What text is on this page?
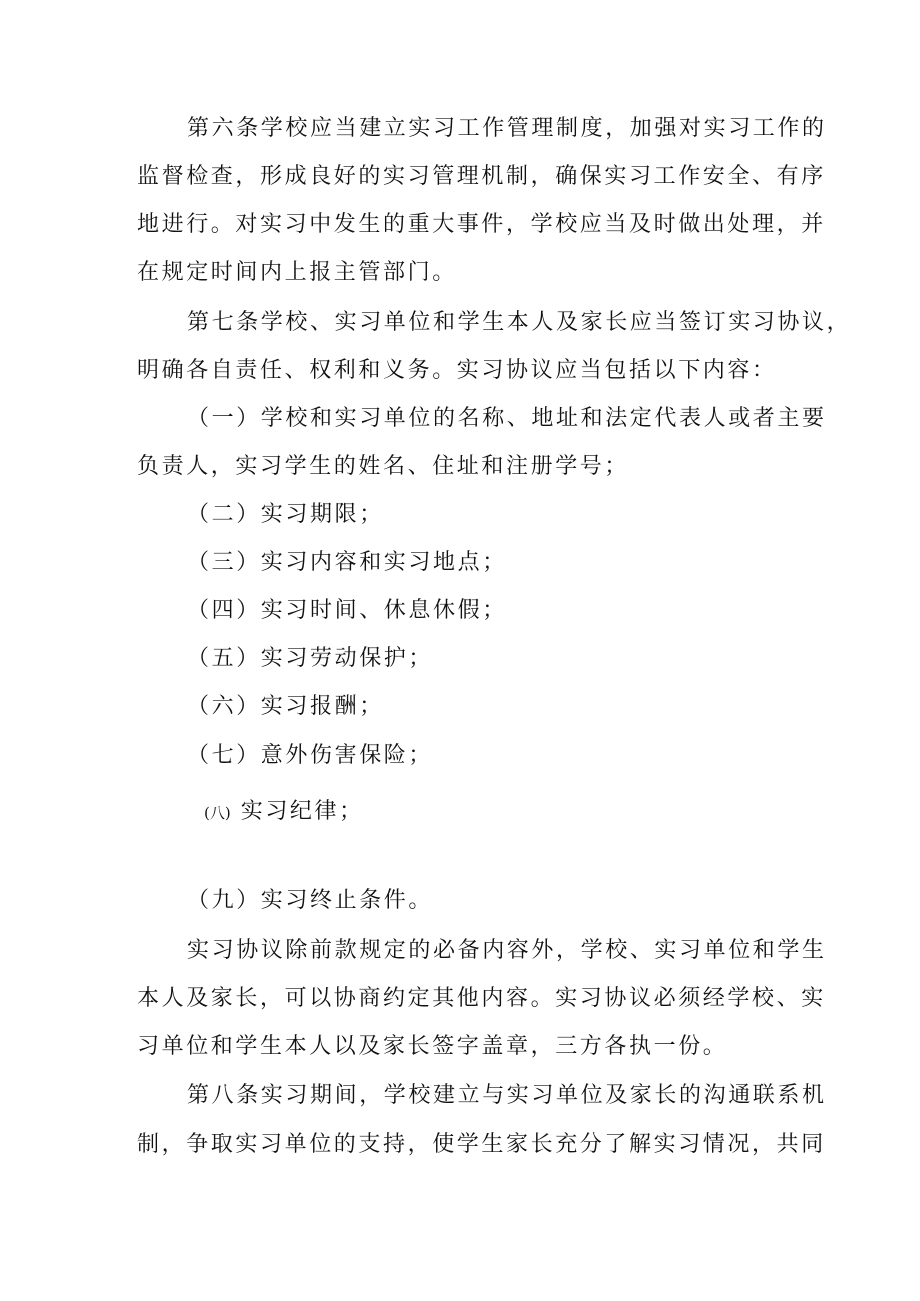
第六条学校应当建立实习工作管理制度，加强对实习工作的
监督检查，形成良好的实习管理机制，确保实习工作安全、有序
地进行。对实习中发生的重大事件，学校应当及时做出处理，并
在规定时间内上报主管部门。
第七条学校、实习单位和学生本人及家长应当签订实习协议，
明确各自责任、权利和义务。实习协议应当包括以下内容：
（一）学校和实习单位的名称、地址和法定代表人或者主要
负责人，实习学生的姓名、住址和注册学号；
（二）实习期限；
（三）实习内容和实习地点；
（四）实习时间、休息休假；
（五）实习劳动保护；
（六）实习报酬；
（七）意外伤害保险；
(八) 实习纪律；
（九）实习终止条件。
实习协议除前款规定的必备内容外，学校、实习单位和学生
本人及家长，可以协商约定其他内容。实习协议必须经学校、实
习单位和学生本人以及家长签字盖章，三方各执一份。
第八条实习期间，学校建立与实习单位及家长的沟通联系机
制，争取实习单位的支持，使学生家长充分了解实习情况，共同
